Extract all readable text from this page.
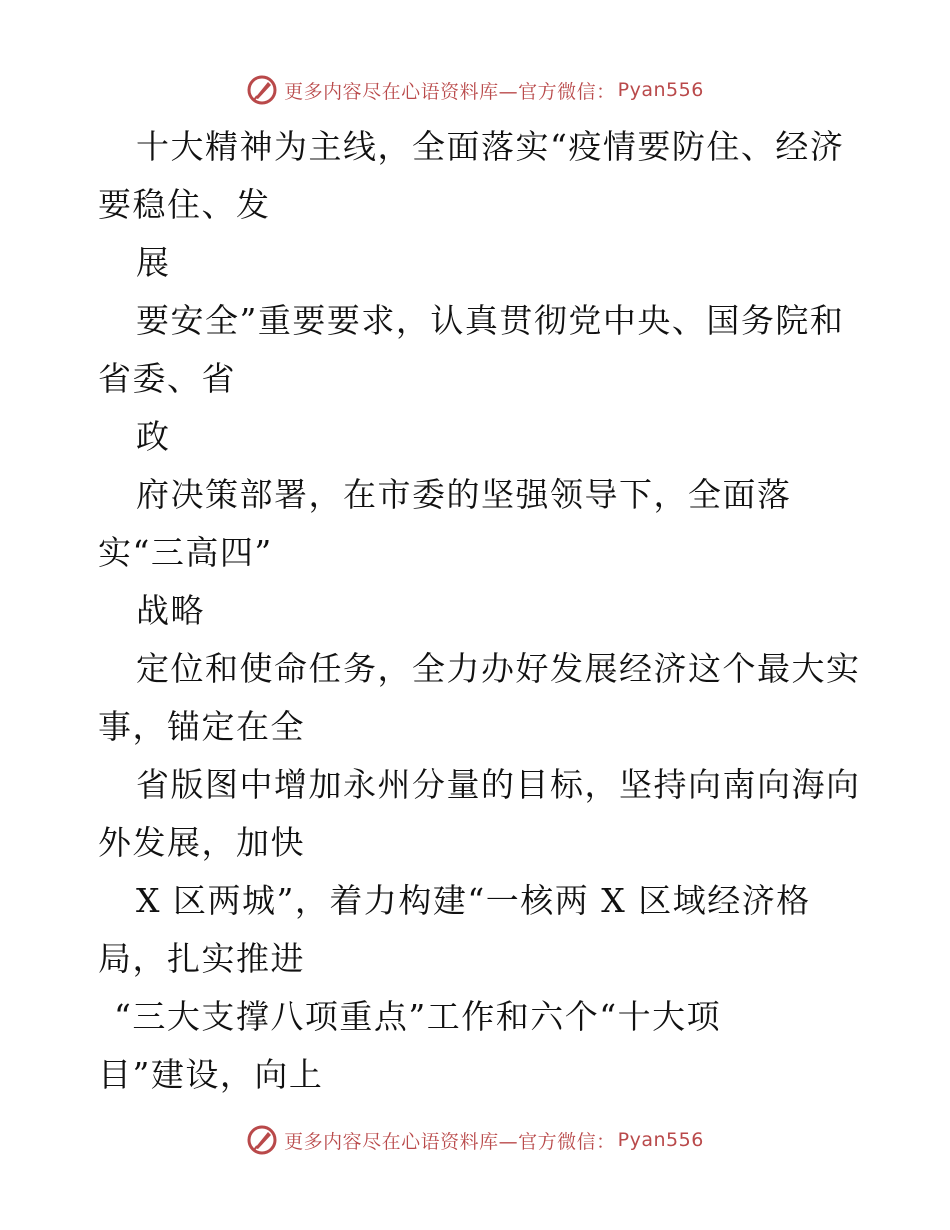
更多内容尽在心语资料库—官方微信： Pyan556
十大精神为主线，全面落实“疫情要防住、经济
要稳住、发
展
要安全”重要要求，认真贯彻党中央、国务院和
省委、省
政
府决策部署，在市委的坚强领导下，全面落
实“三高四”
战略
定位和使命任务，全力办好发展经济这个最大实
事，锚定在全
省版图中增加永州分量的目标，坚持向南向海向
外发展，加快
X 区两城”，着力构建“一核两 X 区域经济格
局，扎实推进
“三大支撑八项重点”工作和六个“十大项
目”建设，向上
更多内容尽在心语资料库—官方微信： Pyan556
